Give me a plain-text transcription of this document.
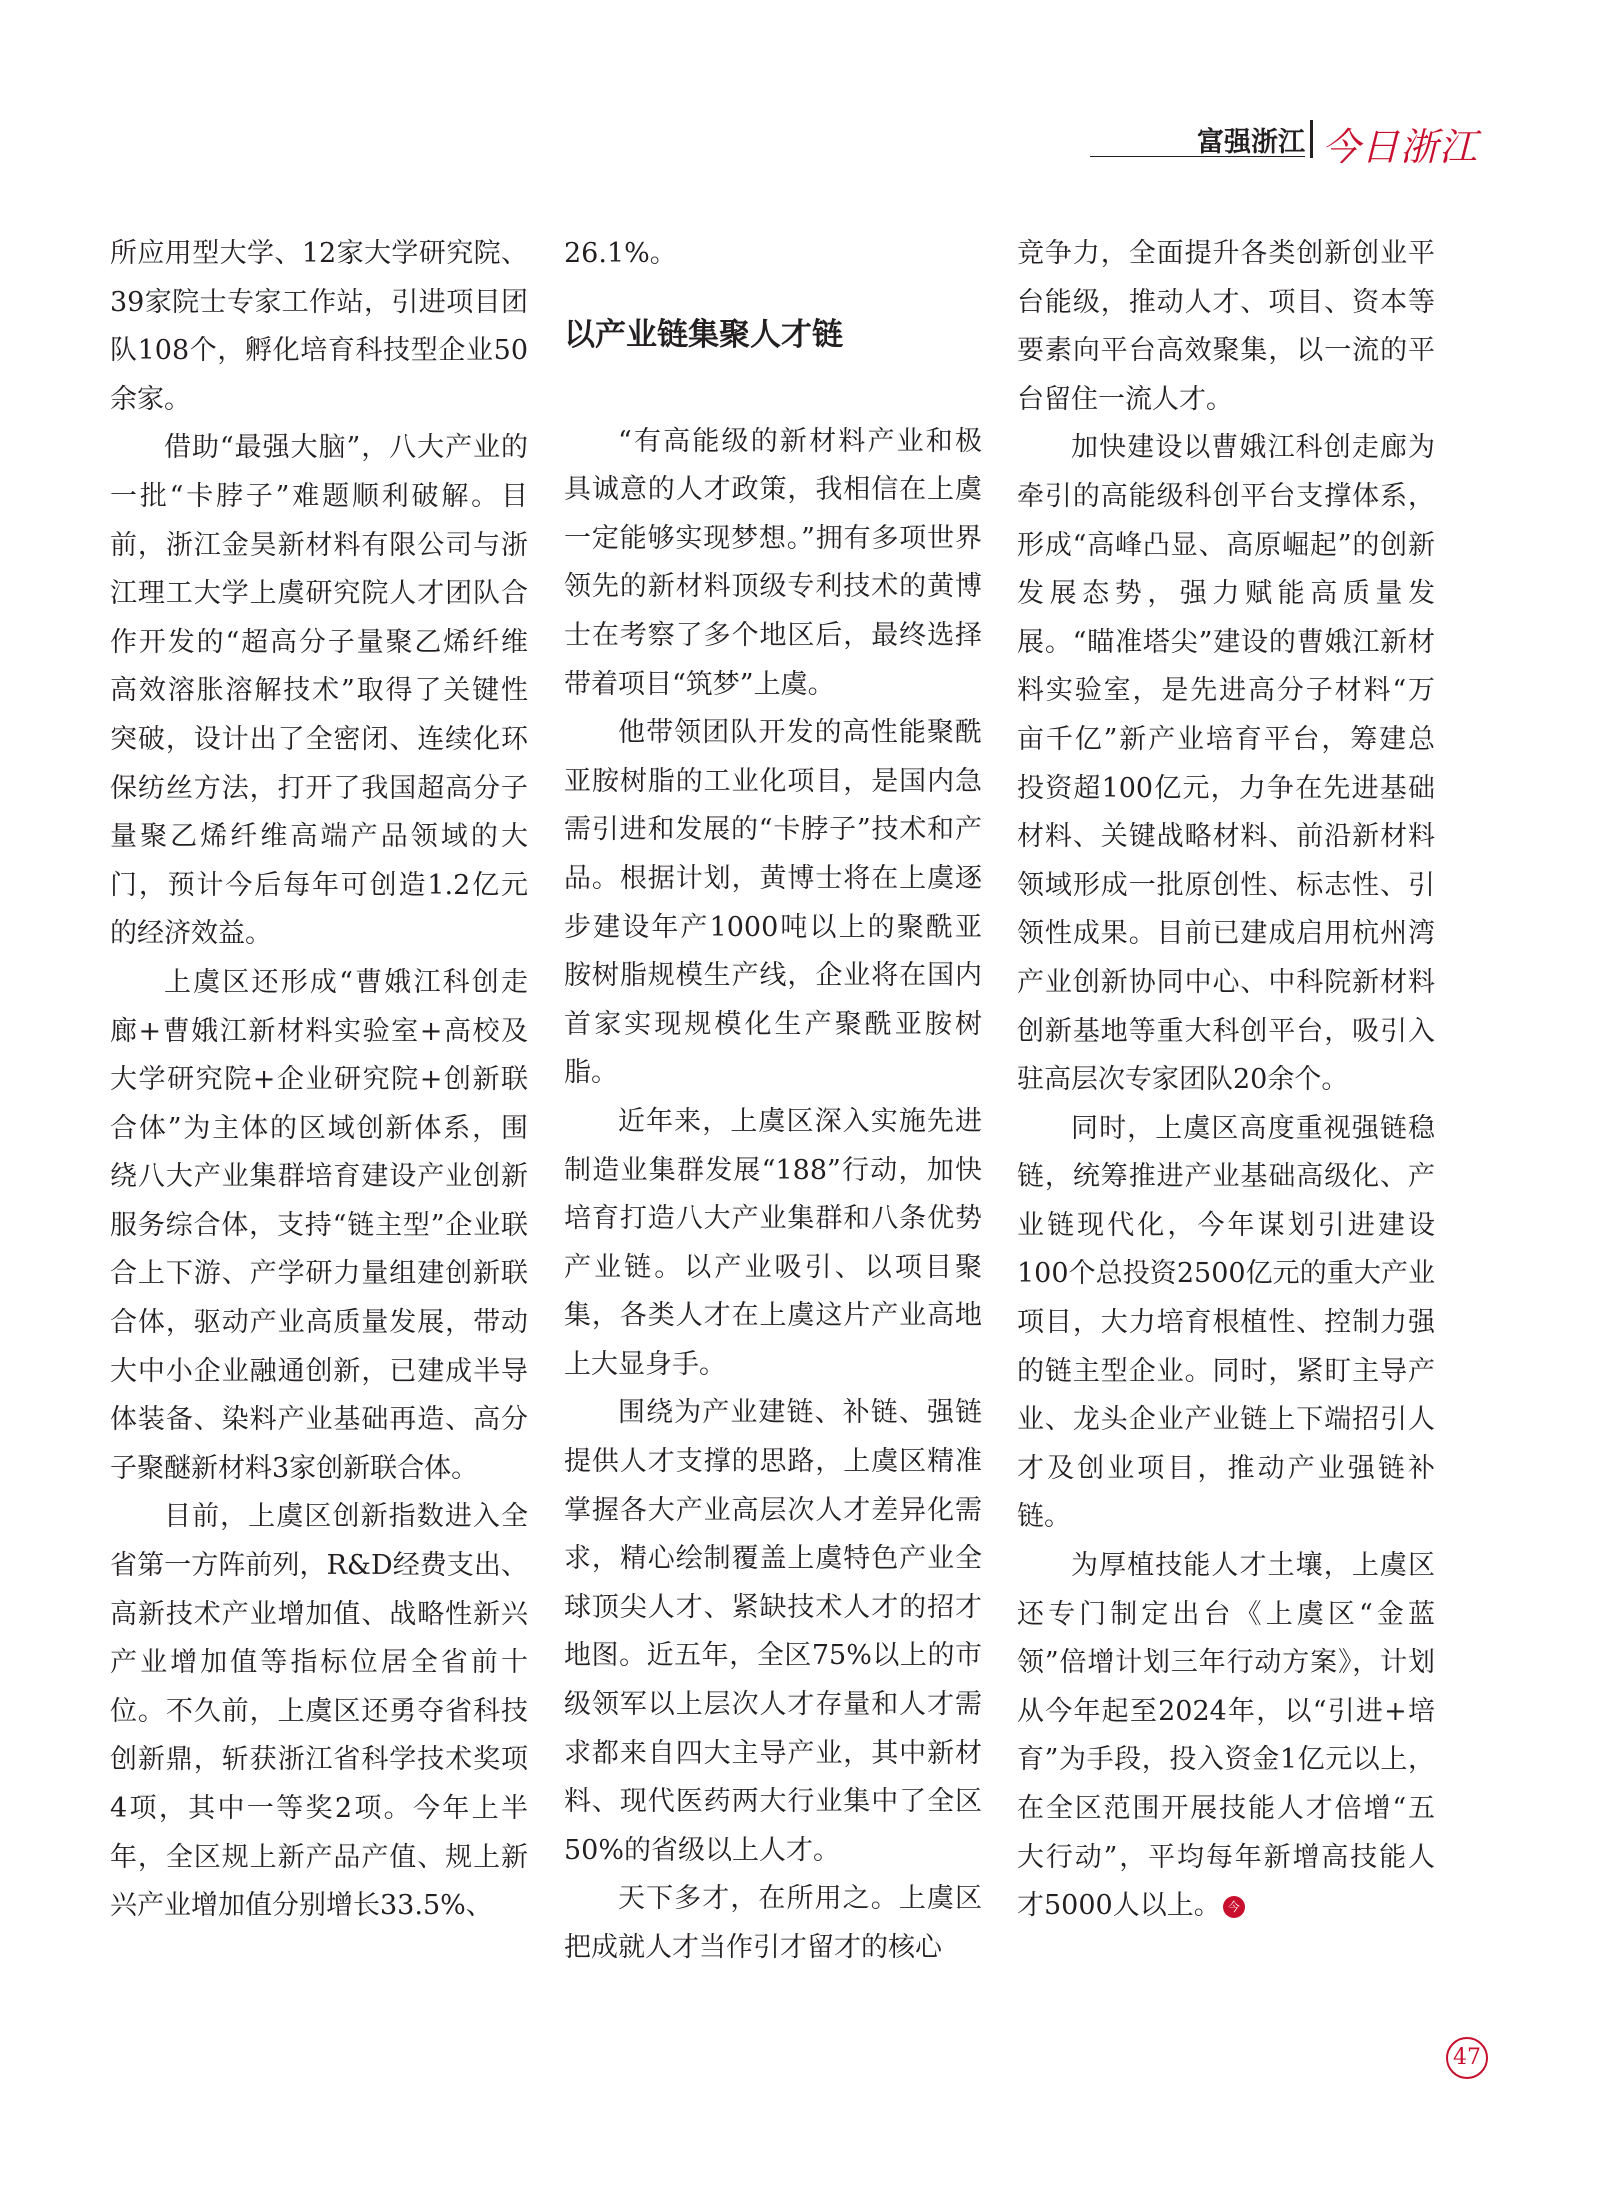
富强浙江 今日浙江

所应用型大学、12家大学研究院、39家院士专家工作站，引进项目团队108个，孵化培育科技型企业50余家。

借助“最强大脑”，八大产业的一批“卡脖子”难题顺利破解。目前，浙江金昊新材料有限公司与浙江理工大学上虞研究院人才团队合作开发的“超高分子量聚乙烯纤维高效溶胀溶解技术”取得了关键性突破，设计出了全密闭、连续化环保纺丝方法，打开了我国超高分子量聚乙烯纤维高端产品领域的大门，预计今后每年可创造1.2亿元的经济效益。

上虞区还形成“曹娥江科创走廊+曹娥江新材料实验室+高校及大学研究院+企业研究院+创新联合体”为主体的区域创新体系，围绕八大产业集群培育建设产业创新服务综合体，支持“链主型”企业联合上下游、产学研力量组建创新联合体，驱动产业高质量发展，带动大中小企业融通创新，已建成半导体装备、染料产业基础再造、高分子聚醚新材料3家创新联合体。

目前，上虞区创新指数进入全省第一方阵前列，R&D经费支出、高新技术产业增加值、战略性新兴产业增加值等指标位居全省前十位。不久前，上虞区还勇夺省科技创新鼎，斩获浙江省科学技术奖项4项，其中一等奖2项。今年上半年，全区规上新产品产值、规上新兴产业增加值分别增长33.5%、

26.1%。

以产业链集聚人才链

“有高能级的新材料产业和极具诚意的人才政策，我相信在上虞一定能够实现梦想。”拥有多项世界领先的新材料顶级专利技术的黄博士在考察了多个地区后，最终选择带着项目“筑梦”上虞。

他带领团队开发的高性能聚酰亚胺树脂的工业化项目，是国内急需引进和发展的“卡脖子”技术和产品。根据计划，黄博士将在上虞逐步建设年产1000吨以上的聚酰亚胺树脂规模生产线，企业将在国内首家实现规模化生产聚酰亚胺树脂。

近年来，上虞区深入实施先进制造业集群发展“188”行动，加快培育打造八大产业集群和八条优势产业链。以产业吸引、以项目聚集，各类人才在上虞这片产业高地上大显身手。

围绕为产业建链、补链、强链提供人才支撑的思路，上虞区精准掌握各大产业高层次人才差异化需求，精心绘制覆盖上虞特色产业全球顶尖人才、紧缺技术人才的招才地图。近五年，全区75%以上的市级领军以上层次人才存量和人才需求都来自四大主导产业，其中新材料、现代医药两大行业集中了全区50%的省级以上人才。

天下多才，在所用之。上虞区把成就人才当作引才留才的核心

竞争力，全面提升各类创新创业平台能级，推动人才、项目、资本等要素向平台高效聚集，以一流的平台留住一流人才。

加快建设以曹娥江科创走廊为牵引的高能级科创平台支撑体系，形成“高峰凸显、高原崛起”的创新发展态势，强力赋能高质量发展。“瞄准塔尖”建设的曹娥江新材料实验室，是先进高分子材料“万亩千亿”新产业培育平台，筹建总投资超100亿元，力争在先进基础材料、关键战略材料、前沿新材料领域形成一批原创性、标志性、引领性成果。目前已建成启用杭州湾产业创新协同中心、中科院新材料创新基地等重大科创平台，吸引入驻高层次专家团队20余个。

同时，上虞区高度重视强链稳链，统筹推进产业基础高级化、产业链现代化，今年谋划引进建设100个总投资2500亿元的重大产业项目，大力培育根植性、控制力强的链主型企业。同时，紧盯主导产业、龙头企业产业链上下端招引人才及创业项目，推动产业强链补链。

为厚植技能人才土壤，上虞区还专门制定出台《上虞区“金蓝领”倍增计划三年行动方案》，计划从今年起至2024年，以“引进+培育”为手段，投入资金1亿元以上，在全区范围开展技能人才倍增“五大行动”，平均每年新增高技能人才5000人以上。 今

47
